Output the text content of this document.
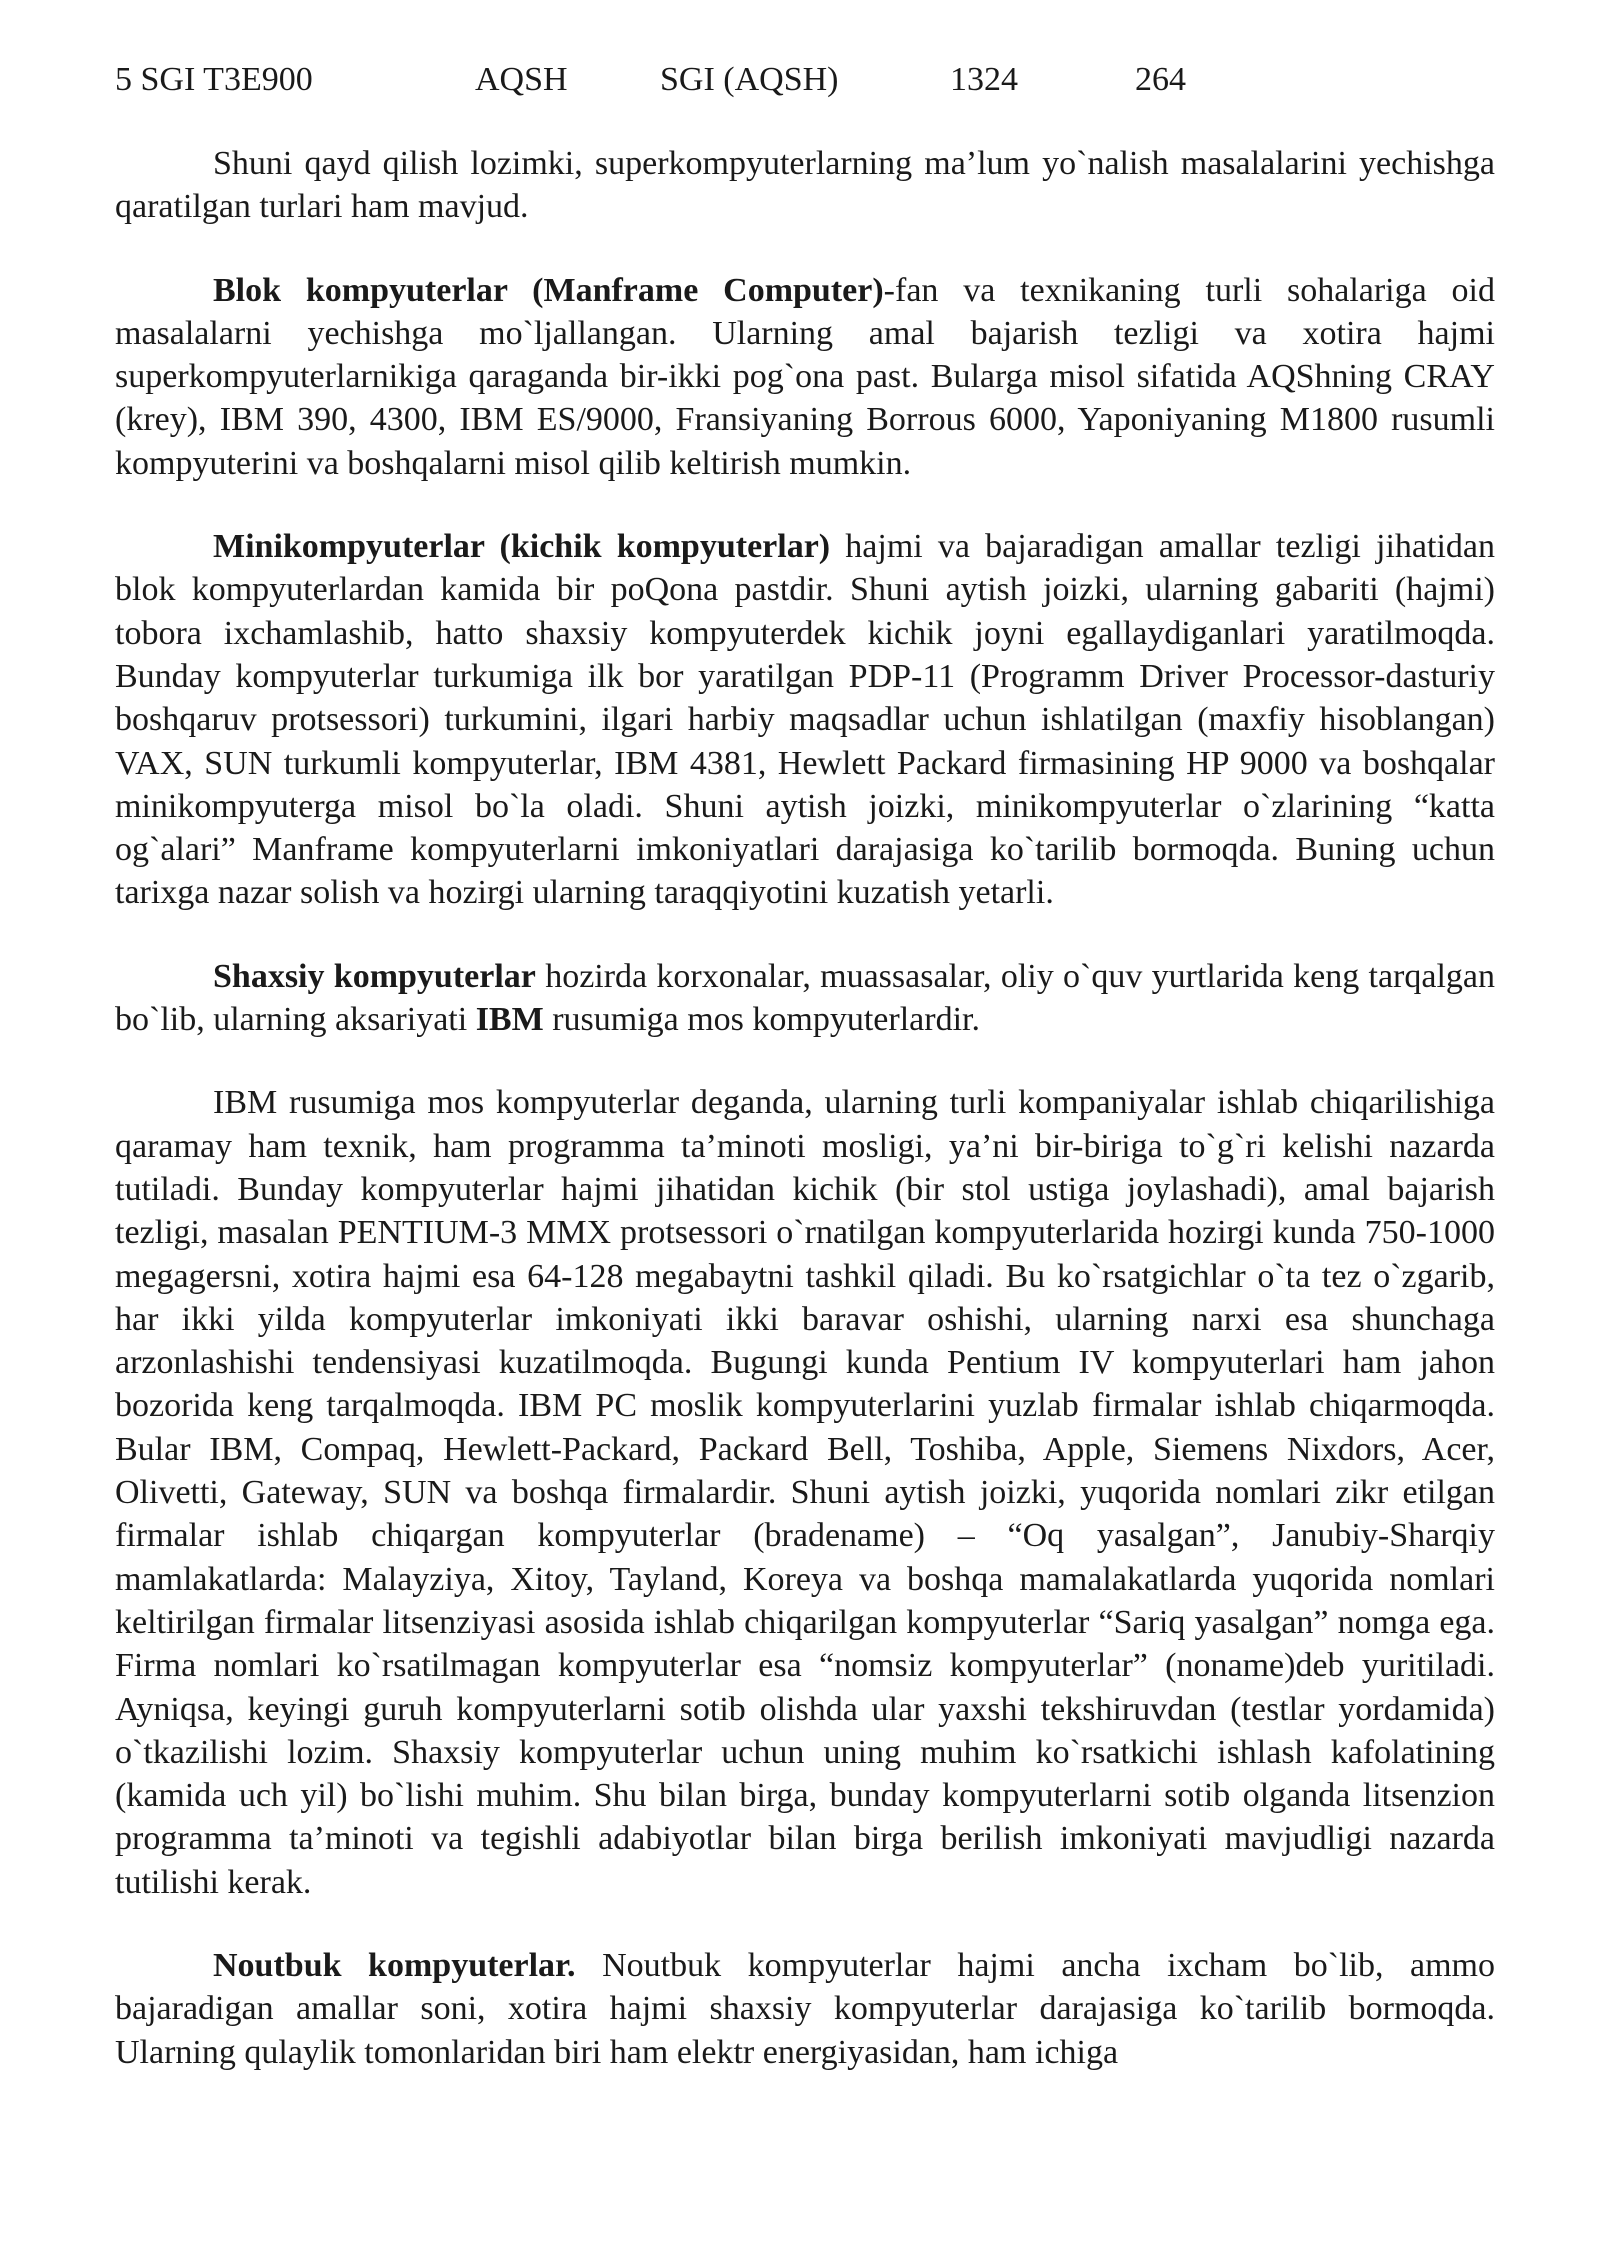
5 SGI T3E900	AQSH	SGI (AQSH)	1324	264

Shuni qayd qilish lozimki, superkompyuterlarning ma’lum yo`nalish masalalarini yechishga qaratilgan turlari ham mavjud.

Blok kompyuterlar (Manframe Computer)-fan va texnikaning turli sohalariga oid masalalarni yechishga mo`ljallangan. Ularning amal bajarish tezligi va xotira hajmi superkompyuterlarnikiga qaraganda bir-ikki pog`ona past. Bularga misol sifatida AQShning CRAY (krey), IBM 390, 4300, IBM ES/9000, Fransiyaning Borrous 6000, Yaponiyaning M1800 rusumli kompyuterini va boshqalarni misol qilib keltirish mumkin.

Minikompyuterlar (kichik kompyuterlar) hajmi va bajaradigan amallar tezligi jihatidan blok kompyuterlardan kamida bir poQona pastdir. Shuni aytish joizki, ularning gabariti (hajmi) tobora ixchamlashib, hatto shaxsiy kompyuterdek kichik joyni egallaydiganlari yaratilmoqda. Bunday kompyuterlar turkumiga ilk bor yaratilgan PDP-11 (Programm Driver Processor-dasturiy boshqaruv protsessori) turkumini, ilgari harbiy maqsadlar uchun ishlatilgan (maxfiy hisoblangan) VAX, SUN turkumli kompyuterlar, IBM 4381, Hewlett Packard firmasining HP 9000 va boshqalar minikompyuterga misol bo`la oladi. Shuni aytish joizki, minikompyuterlar o`zlarining “katta og`alari” Manframe kompyuterlarni imkoniyatlari darajasiga ko`tarilib bormoqda. Buning uchun tarixga nazar solish va hozirgi ularning taraqqiyotini kuzatish yetarli.

Shaxsiy kompyuterlar hozirda korxonalar, muassasalar, oliy o`quv yurtlarida keng tarqalgan bo`lib, ularning aksariyati IBM rusumiga mos kompyuterlardir.

IBM rusumiga mos kompyuterlar deganda, ularning turli kompaniyalar ishlab chiqarilishiga qaramay ham texnik, ham programma ta’minoti mosligi, ya’ni bir-biriga to`g`ri kelishi nazarda tutiladi. Bunday kompyuterlar hajmi jihatidan kichik (bir stol ustiga joylashadi), amal bajarish tezligi, masalan PENTIUM-3 MMX protsessori o`rnatilgan kompyuterlarida hozirgi kunda 750-1000 megagersni, xotira hajmi esa 64-128 megabaytni tashkil qiladi. Bu ko`rsatgichlar o`ta tez o`zgarib, har ikki yilda kompyuterlar imkoniyati ikki baravar oshishi, ularning narxi esa shunchaga arzonlashishi tendensiyasi kuzatilmoqda. Bugungi kunda Pentium IV kompyuterlari ham jahon bozorida keng tarqalmoqda. IBM PC moslik kompyuterlarini yuzlab firmalar ishlab chiqarmoqda. Bular IBM, Compaq, Hewlett-Packard, Packard Bell, Toshiba, Apple, Siemens Nixdors, Acer, Olivetti, Gateway, SUN va boshqa firmalardir. Shuni aytish joizki, yuqorida nomlari zikr etilgan firmalar ishlab chiqargan kompyuterlar (bradename) – “Oq yasalgan”, Janubiy-Sharqiy mamlakatlarda: Malayziya, Xitoy, Tayland, Koreya va boshqa mamalakatlarda yuqorida nomlari keltirilgan firmalar litsenziyasi asosida ishlab chiqarilgan kompyuterlar “Sariq yasalgan” nomga ega. Firma nomlari ko`rsatilmagan kompyuterlar esa “nomsiz kompyuterlar” (noname)deb yuritiladi. Ayniqsa, keyingi guruh kompyuterlarni sotib olishda ular yaxshi tekshiruvdan (testlar yordamida) o`tkazilishi lozim. Shaxsiy kompyuterlar uchun uning muhim ko`rsatkichi ishlash kafolatining (kamida uch yil) bo`lishi muhim. Shu bilan birga, bunday kompyuterlarni sotib olganda litsenzion programma ta’minoti va tegishli adabiyotlar bilan birga berilish imkoniyati mavjudligi nazarda tutilishi kerak.

Noutbuk kompyuterlar. Noutbuk kompyuterlar hajmi ancha ixcham bo`lib, ammo bajaradigan amallar soni, xotira hajmi shaxsiy kompyuterlar darajasiga ko`tarilib bormoqda. Ularning qulaylik tomonlaridan biri ham elektr energiyasidan, ham ichiga
